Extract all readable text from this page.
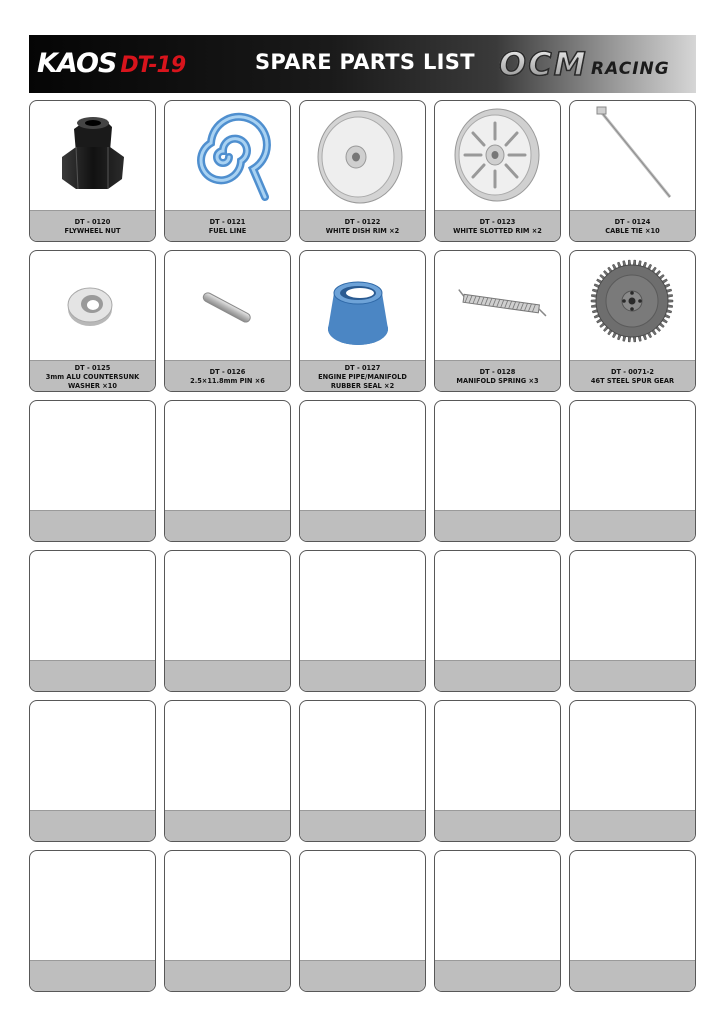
KAOS DT-19	SPARE PARTS LIST OCM RACING
DT - 0120
FLYWHEEL NUT
DT - 0121
FUEL LINE
DT - 0122
WHITE DISH RIM ×2
DT - 0123
WHITE SLOTTED RIM ×2
DT - 0124
CABLE TIE ×10
DT - 0125
3mm ALU COUNTERSUNK
WASHER ×10
DT - 0126
2.5×11.8mm PIN ×6
DT - 0127
ENGINE PIPE/MANIFOLD
RUBBER SEAL ×2
DT - 0128
MANIFOLD SPRING ×3
DT - 0071-2
46T STEEL SPUR GEAR
